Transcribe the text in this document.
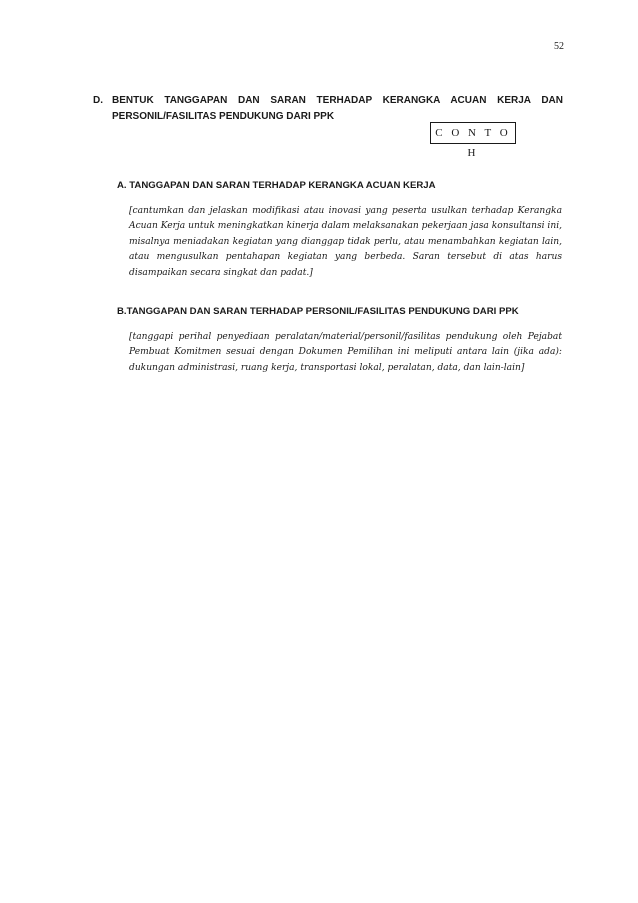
52
D. BENTUK TANGGAPAN DAN SARAN TERHADAP KERANGKA ACUAN KERJA DAN
PERSONIL/FASILITAS PENDUKUNG DARI PPK
C O N T O H
A. TANGGAPAN DAN SARAN TERHADAP KERANGKA ACUAN KERJA
[cantumkan dan jelaskan modifikasi atau inovasi yang peserta usulkan terhadap Kerangka Acuan Kerja untuk meningkatkan kinerja dalam melaksanakan pekerjaan jasa konsultansi ini, misalnya meniadakan kegiatan yang dianggap tidak perlu, atau menambahkan kegiatan lain, atau mengusulkan pentahapan kegiatan yang berbeda. Saran tersebut di atas harus disampaikan secara singkat dan padat.]
B.TANGGAPAN DAN SARAN TERHADAP PERSONIL/FASILITAS PENDUKUNG DARI PPK
[tanggapi perihal penyediaan peralatan/material/personil/fasilitas pendukung oleh Pejabat Pembuat Komitmen sesuai dengan Dokumen Pemilihan ini meliputi antara lain (jika ada): dukungan administrasi, ruang kerja, transportasi lokal, peralatan, data, dan lain-lain]
